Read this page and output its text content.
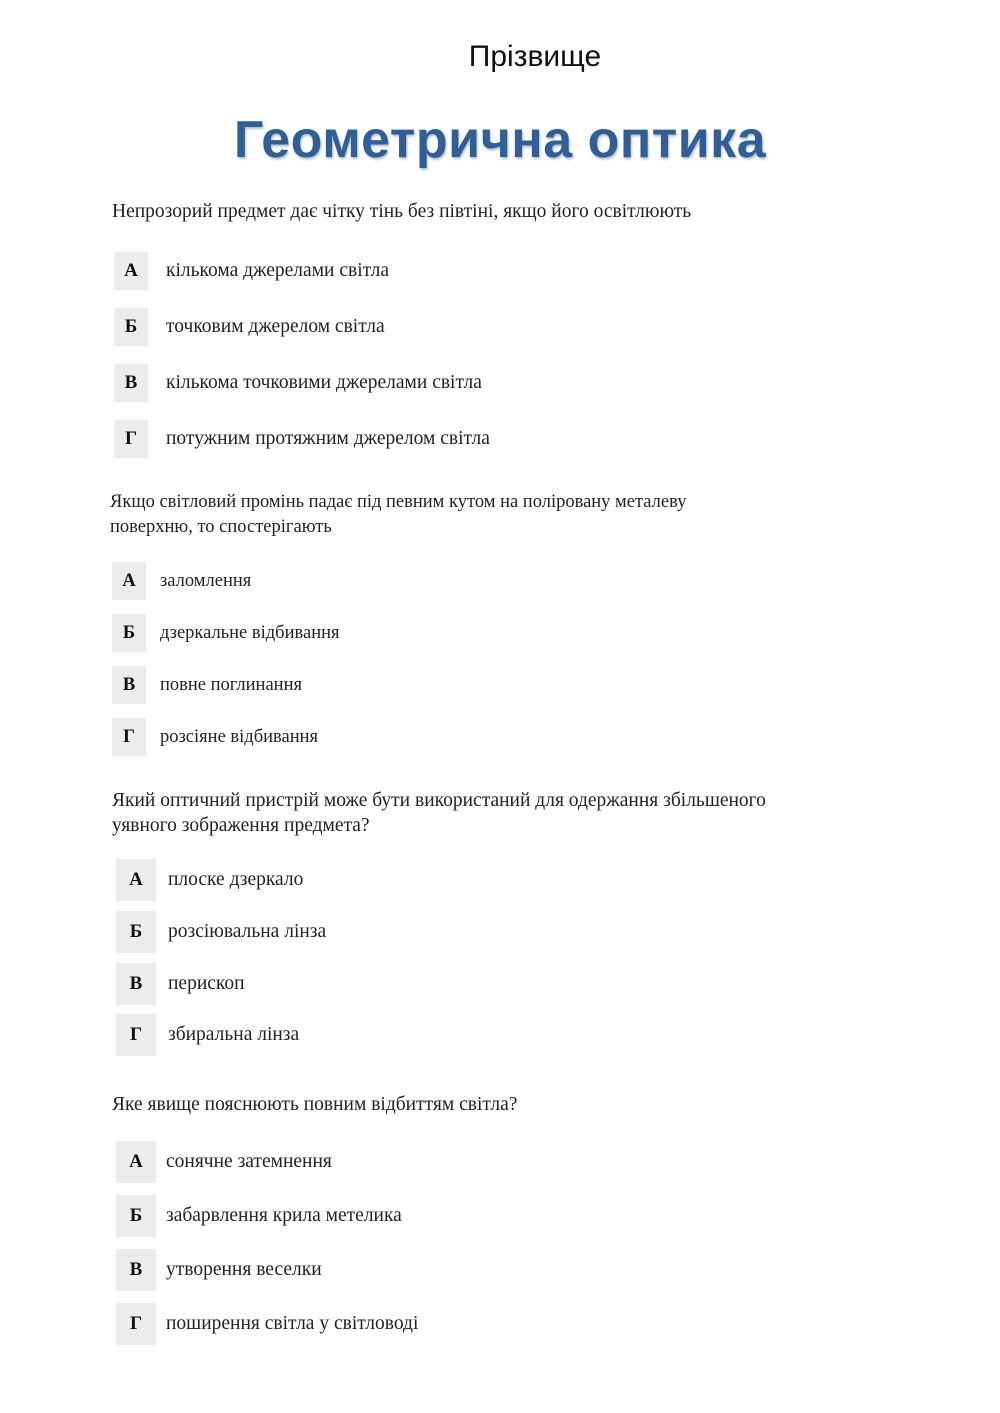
Прізвище
Геометрична оптика
Непрозорий предмет дає чітку тінь без півтіні, якщо його освітлюють
А	кількома джерелами світла
Б	точковим джерелом світла
В	кількома точковими джерелами світла
Г	потужним протяжним джерелом світла
Якщо світловий промінь падає під певним кутом на поліровану металеву поверхню, то спостерігають
А	заломлення
Б	дзеркальне відбивання
В	повне поглинання
Г	розсіяне відбивання
Який оптичний пристрій може бути використаний для одержання збільшеного уявного зображення предмета?
А	плоске дзеркало
Б	розсіювальна лінза
В	перископ
Г	збиральна лінза
Яке явище пояснюють повним відбиттям світла?
А	сонячне затемнення
Б	забарвлення крила метелика
В	утворення веселки
Г	поширення світла у світловоді
